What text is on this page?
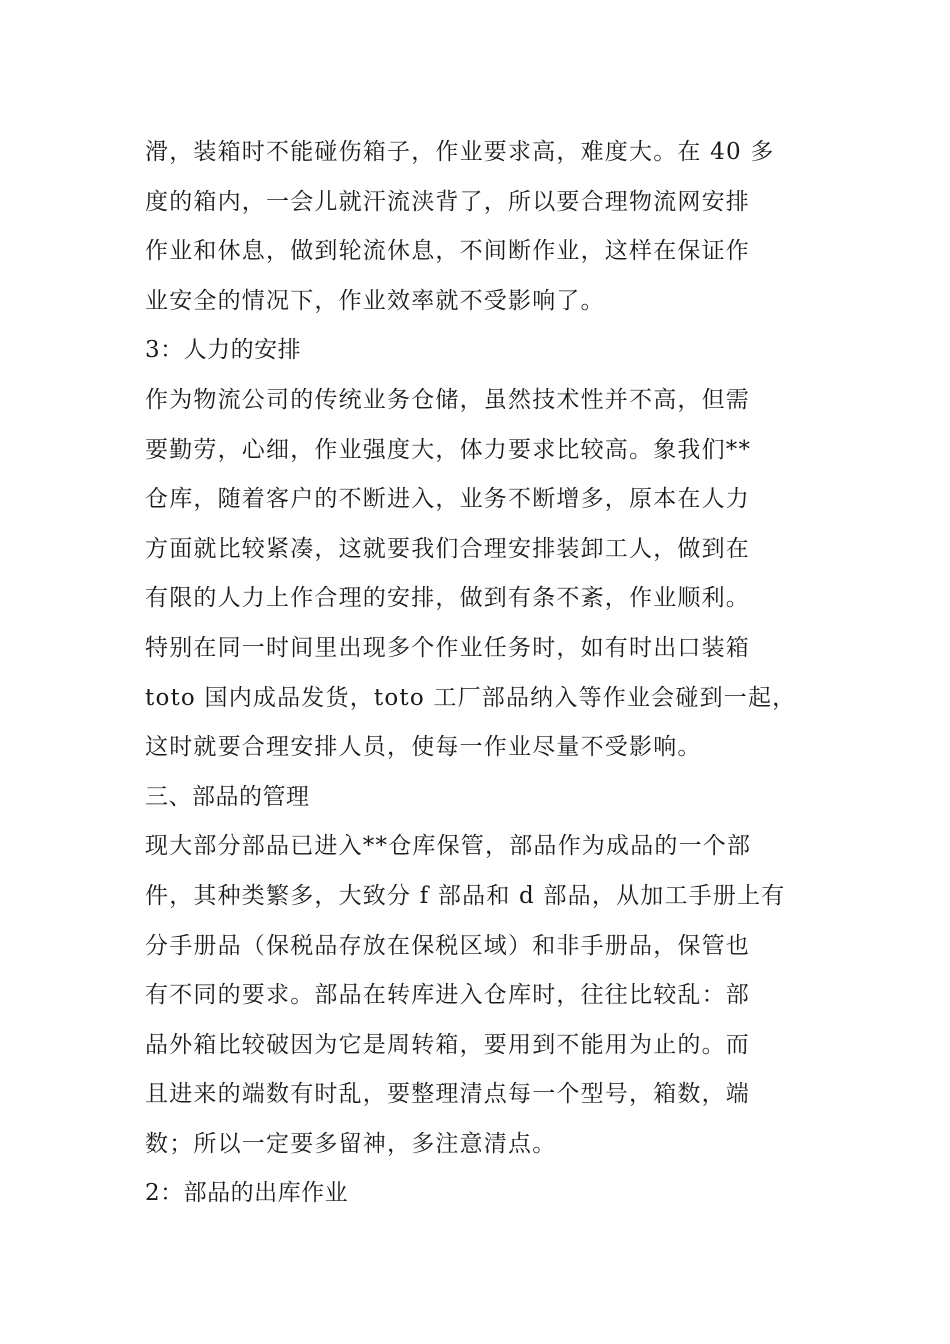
滑，装箱时不能碰伤箱子，作业要求高，难度大。在 40 多
度的箱内，一会儿就汗流浃背了，所以要合理物流网安排
作业和休息，做到轮流休息，不间断作业，这样在保证作
业安全的情况下，作业效率就不受影响了。
3：人力的安排
作为物流公司的传统业务仓储，虽然技术性并不高，但需
要勤劳，心细，作业强度大，体力要求比较高。象我们**
仓库，随着客户的不断进入，业务不断增多，原本在人力
方面就比较紧凑，这就要我们合理安排装卸工人，做到在
有限的人力上作合理的安排，做到有条不紊，作业顺利。
特别在同一时间里出现多个作业任务时，如有时出口装箱
toto 国内成品发货，toto 工厂部品纳入等作业会碰到一起，
这时就要合理安排人员，使每一作业尽量不受影响。
三、部品的管理
现大部分部品已进入**仓库保管，部品作为成品的一个部
件，其种类繁多，大致分 f 部品和 d 部品，从加工手册上有
分手册品（保税品存放在保税区域）和非手册品，保管也
有不同的要求。部品在转库进入仓库时，往往比较乱：部
品外箱比较破因为它是周转箱，要用到不能用为止的。而
且进来的端数有时乱，要整理清点每一个型号，箱数，端
数；所以一定要多留神，多注意清点。
2：部品的出库作业
